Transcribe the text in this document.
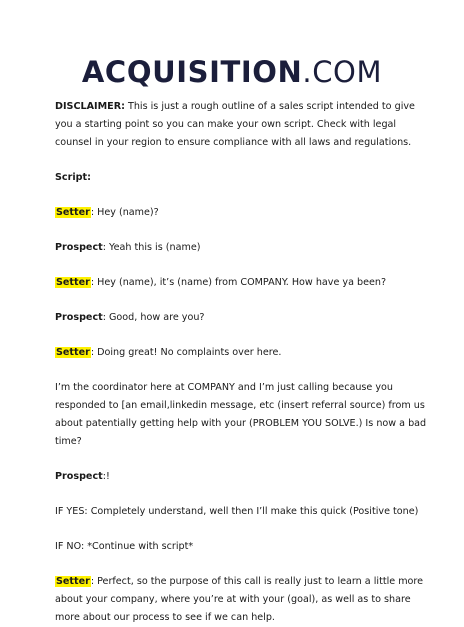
ACQUISITION.COM

DISCLAIMER: This is just a rough outline of a sales script intended to give you a starting point so you can make your own script. Check with legal counsel in your region to ensure compliance with all laws and regulations.

Script:

Setter: Hey (name)?

Prospect: Yeah this is (name)

Setter: Hey (name), it’s (name) from COMPANY. How have ya been?

Prospect: Good, how are you?

Setter: Doing great! No complaints over here.

I’m the coordinator here at COMPANY and I’m just calling because you responded to [an email,linkedin message, etc (insert referral source) from us about patentially getting help with your (PROBLEM YOU SOLVE.) Is now a bad time?

Prospect:!

IF YES: Completely understand, well then I’ll make this quick (Positive tone)

IF NO: *Continue with script*

Setter: Perfect, so the purpose of this call is really just to learn a little more about your company, where you’re at with your (goal), as well as to share more about our process to see if we can help.
